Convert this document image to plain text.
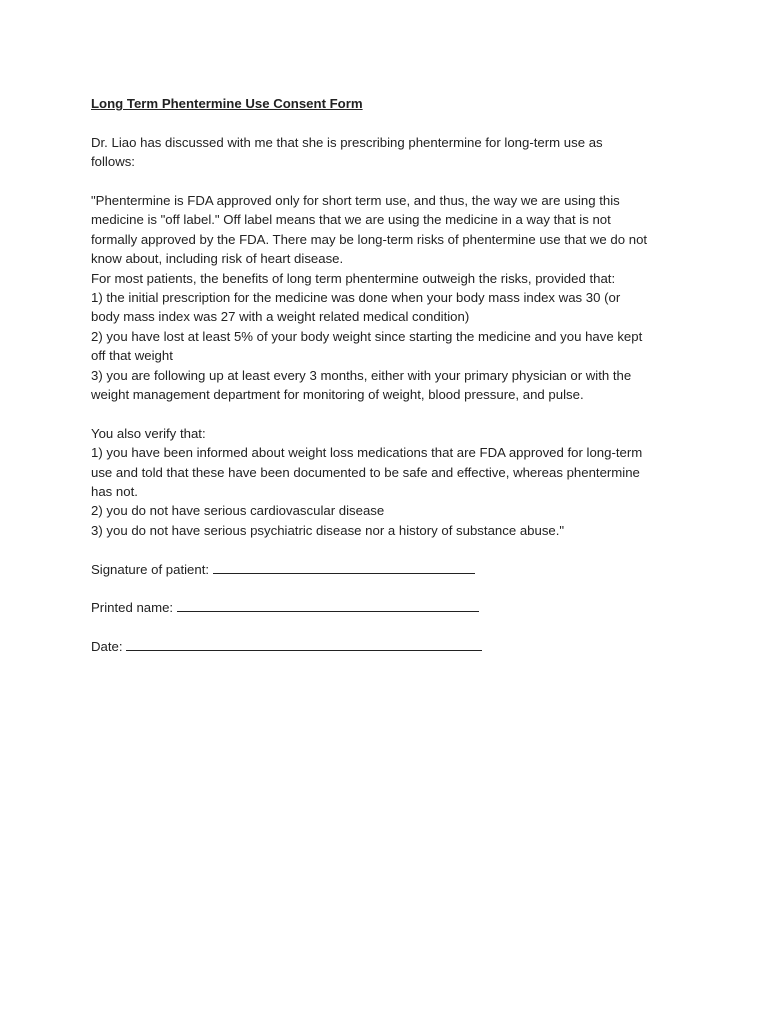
Long Term Phentermine Use Consent Form
Dr. Liao has discussed with me that she is prescribing phentermine for long-term use as
follows:
"Phentermine is FDA approved only for short term use, and thus, the way we are using this
medicine is "off label." Off label means that we are using the medicine in a way that is not
formally approved by the FDA. There may be long-term risks of phentermine use that we do not
know about, including risk of heart disease.
For most patients, the benefits of long term phentermine outweigh the risks, provided that:
1) the initial prescription for the medicine was done when your body mass index was 30 (or
body mass index was 27 with a weight related medical condition)
2) you have lost at least 5% of your body weight since starting the medicine and you have kept
off that weight
3) you are following up at least every 3 months, either with your primary physician or with the
weight management department for monitoring of weight, blood pressure, and pulse.
You also verify that:
1) you have been informed about weight loss medications that are FDA approved for long-term
use and told that these have been documented to be safe and effective, whereas phentermine
has not.
2) you do not have serious cardiovascular disease
3) you do not have serious psychiatric disease nor a history of substance abuse."
Signature of patient:
Printed name:
Date:
